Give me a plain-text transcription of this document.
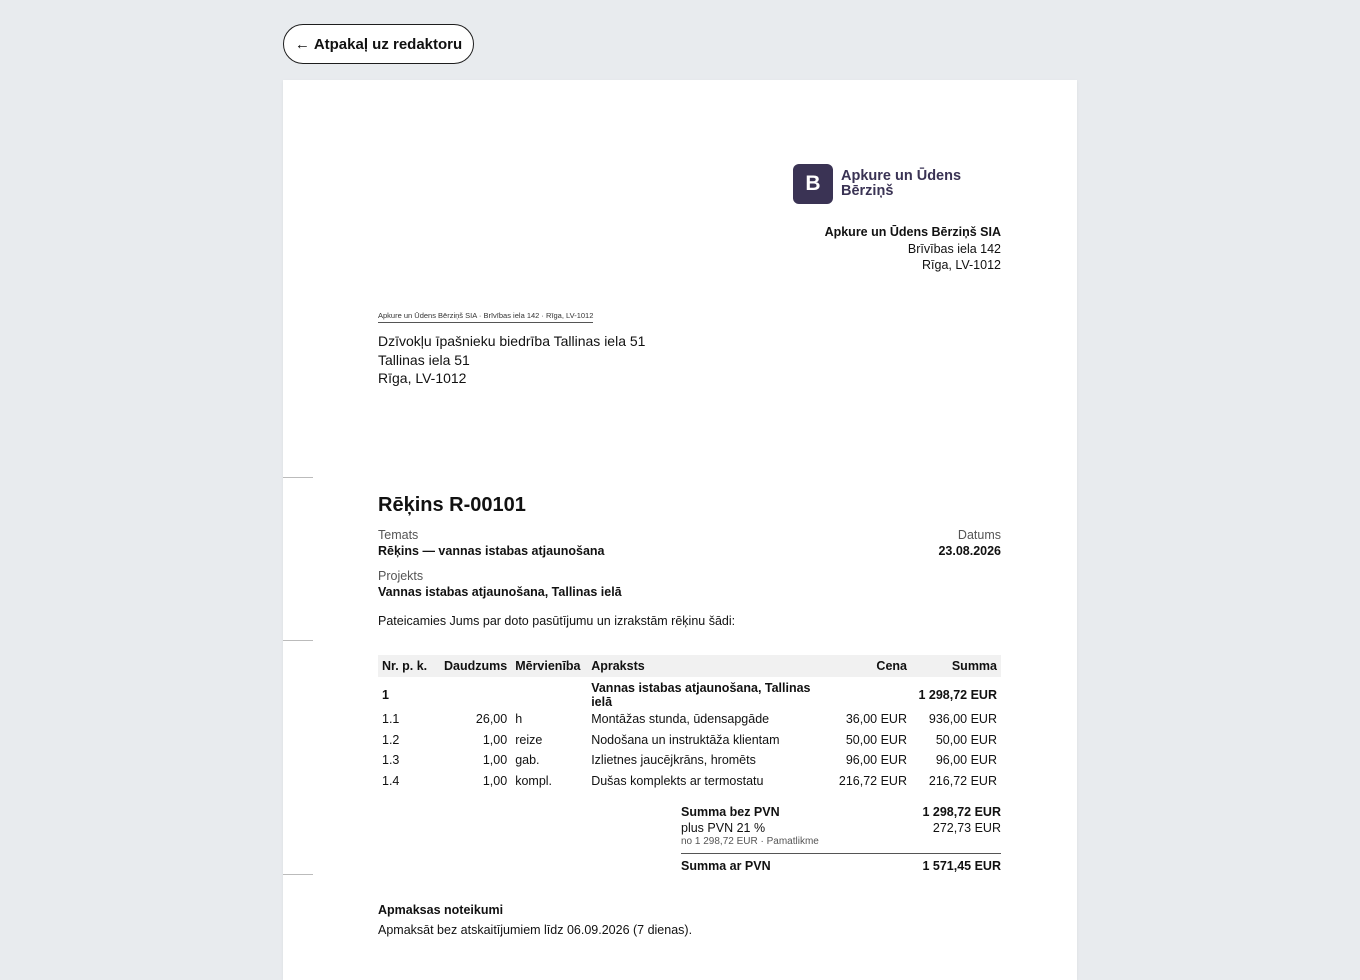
← Atpakaļ uz redaktoru
B	Apkure un Ūdens
Bērziņš
Apkure un Ūdens Bērziņš SIA
Brīvības iela 142
Rīga, LV-1012
Apkure un Ūdens Bērziņš SIA · Brīvības iela 142 · Rīga, LV-1012
Dzīvokļu īpašnieku biedrība Tallinas iela 51
Tallinas iela 51
Rīga, LV-1012
Rēķins R-00101
Temats
Rēķins — vannas istabas atjaunošana
Datums
23.08.2026
Projekts
Vannas istabas atjaunošana, Tallinas ielā
Pateicamies Jums par doto pasūtījumu un izrakstām rēķinu šādi:
Nr. p. k.	Daudzums	Mērvienība	Apraksts	Cena	Summa
1			Vannas istabas atjaunošana, Tallinas ielā		1 298,72 EUR
1.1	26,00	h	Montāžas stunda, ūdensapgāde	36,00 EUR	936,00 EUR
1.2	1,00	reize	Nodošana un instruktāža klientam	50,00 EUR	50,00 EUR
1.3	1,00	gab.	Izlietnes jaucējkrāns, hromēts	96,00 EUR	96,00 EUR
1.4	1,00	kompl.	Dušas komplekts ar termostatu	216,72 EUR	216,72 EUR
Summa bez PVN	1 298,72 EUR
plus PVN 21 %	272,73 EUR
no 1 298,72 EUR · Pamatlikme
Summa ar PVN	1 571,45 EUR
Apmaksas noteikumi
Apmaksāt bez atskaitījumiem līdz 06.09.2026 (7 dienas).
